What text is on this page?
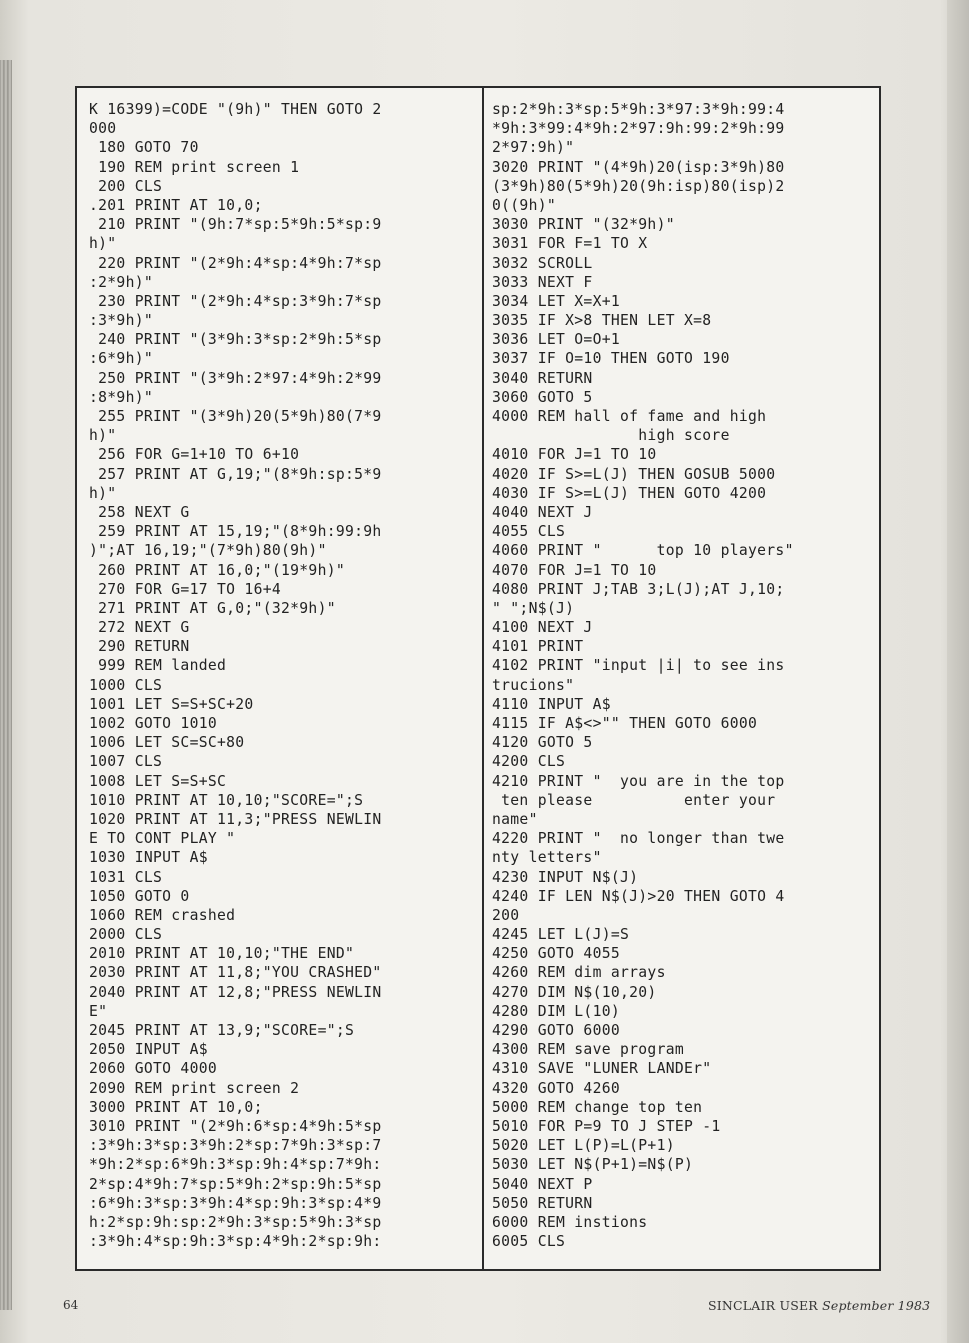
K 16399)=CODE "(9h)" THEN GOTO 2
000
180 GOTO 70
190 REM print screen 1
200 CLS
.201 PRINT AT 10,0;
210 PRINT "(9h:7*sp:5*9h:5*sp:9
h)"
220 PRINT "(2*9h:4*sp:4*9h:7*sp
:2*9h)"
230 PRINT "(2*9h:4*sp:3*9h:7*sp
:3*9h)"
240 PRINT "(3*9h:3*sp:2*9h:5*sp
:6*9h)"
250 PRINT "(3*9h:2*97:4*9h:2*99
:8*9h)"
255 PRINT "(3*9h)20(5*9h)80(7*9
h)"
256 FOR G=1+10 TO 6+10
257 PRINT AT G,19;"(8*9h:sp:5*9
h)"
258 NEXT G
259 PRINT AT 15,19;"(8*9h:99:9h
)";AT 16,19;"(7*9h)80(9h)"
260 PRINT AT 16,0;"(19*9h)"
270 FOR G=17 TO 16+4
271 PRINT AT G,0;"(32*9h)"
272 NEXT G
290 RETURN
999 REM landed
1000 CLS
1001 LET S=S+SC+20
1002 GOTO 1010
1006 LET SC=SC+80
1007 CLS
1008 LET S=S+SC
1010 PRINT AT 10,10;"SCORE=";S
1020 PRINT AT 11,3;"PRESS NEWLIN
E TO CONT PLAY "
1030 INPUT A$
1031 CLS
1050 GOTO 0
1060 REM crashed
2000 CLS
2010 PRINT AT 10,10;"THE END"
2030 PRINT AT 11,8;"YOU CRASHED"
2040 PRINT AT 12,8;"PRESS NEWLIN
E"
2045 PRINT AT 13,9;"SCORE=";S
2050 INPUT A$
2060 GOTO 4000
2090 REM print screen 2
3000 PRINT AT 10,0;
3010 PRINT "(2*9h:6*sp:4*9h:5*sp
:3*9h:3*sp:3*9h:2*sp:7*9h:3*sp:7
*9h:2*sp:6*9h:3*sp:9h:4*sp:7*9h:
2*sp:4*9h:7*sp:5*9h:2*sp:9h:5*sp
:6*9h:3*sp:3*9h:4*sp:9h:3*sp:4*9
h:2*sp:9h:sp:2*9h:3*sp:5*9h:3*sp
:3*9h:4*sp:9h:3*sp:4*9h:2*sp:9h:
sp:2*9h:3*sp:5*9h:3*97:3*9h:99:4
*9h:3*99:4*9h:2*97:9h:99:2*9h:99
2*97:9h)"
3020 PRINT "(4*9h)20(isp:3*9h)80
(3*9h)80(5*9h)20(9h:isp)80(isp)2
0((9h)"
3030 PRINT "(32*9h)"
3031 FOR F=1 TO X
3032 SCROLL
3033 NEXT F
3034 LET X=X+1
3035 IF X>8 THEN LET X=8
3036 LET O=O+1
3037 IF O=10 THEN GOTO 190
3040 RETURN
3060 GOTO 5
4000 REM hall of fame and high
high score
4010 FOR J=1 TO 10
4020 IF S>=L(J) THEN GOSUB 5000
4030 IF S>=L(J) THEN GOTO 4200
4040 NEXT J
4055 CLS
4060 PRINT "      top 10 players"
4070 FOR J=1 TO 10
4080 PRINT J;TAB 3;L(J);AT J,10;
" ";N$(J)
4100 NEXT J
4101 PRINT
4102 PRINT "input |i| to see ins
trucions"
4110 INPUT A$
4115 IF A$<>"" THEN GOTO 6000
4120 GOTO 5
4200 CLS
4210 PRINT "  you are in the top
ten please          enter your
name"
4220 PRINT "  no longer than twe
nty letters"
4230 INPUT N$(J)
4240 IF LEN N$(J)>20 THEN GOTO 4
200
4245 LET L(J)=S
4250 GOTO 4055
4260 REM dim arrays
4270 DIM N$(10,20)
4280 DIM L(10)
4290 GOTO 6000
4300 REM save program
4310 SAVE "LUNER LANDEr"
4320 GOTO 4260
5000 REM change top ten
5010 FOR P=9 TO J STEP -1
5020 LET L(P)=L(P+1)
5030 LET N$(P+1)=N$(P)
5040 NEXT P
5050 RETURN
6000 REM instions
6005 CLS
64	SINCLAIR USER September 1983
